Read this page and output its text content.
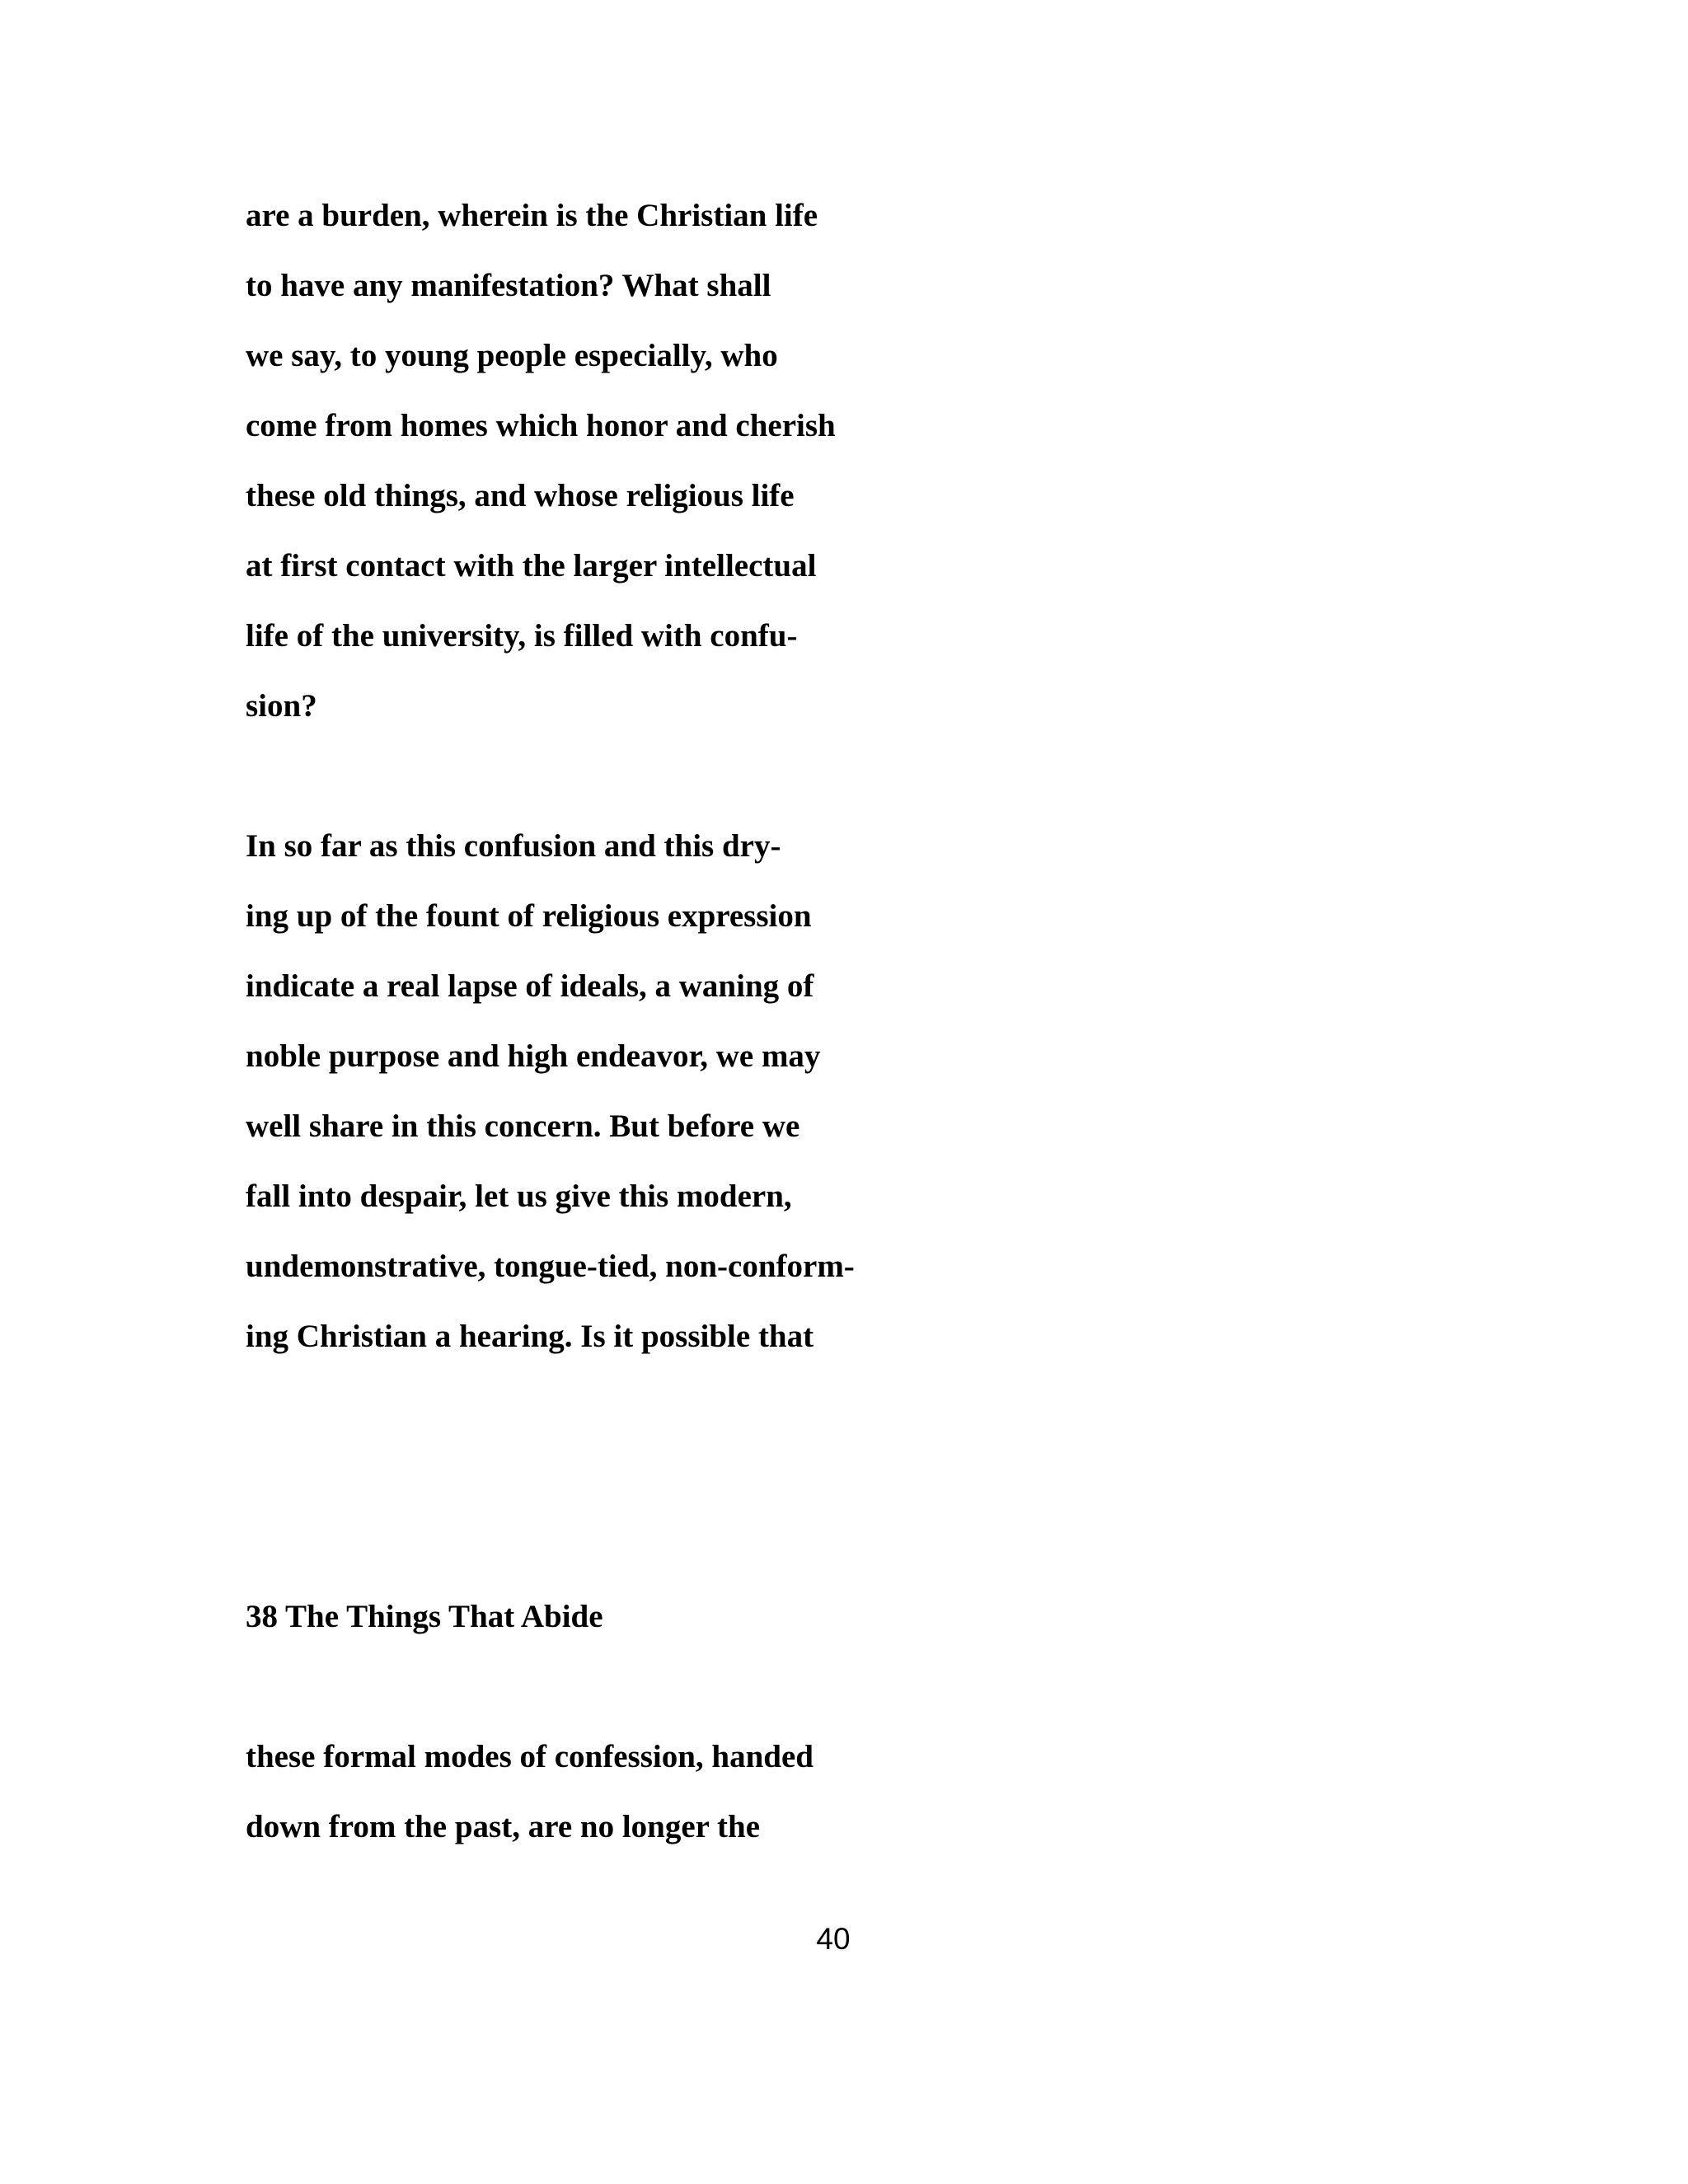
are a burden, wherein is the Christian life

to have any manifestation? What shall

we say, to young people especially, who

come from homes which honor and cherish

these old things, and whose religious life

at first contact with the larger intellectual

life of the university, is filled with confu-

sion?

In so far as this confusion and this dry-

ing up of the fount of religious expression

indicate a real lapse of ideals, a waning of

noble purpose and high endeavor, we may

well share in this concern. But before we

fall into despair, let us give this modern,

undemonstrative, tongue-tied, non-conform-

ing Christian a hearing. Is it possible that

38 The Things That Abide

these formal modes of confession, handed

down from the past, are no longer the

40
